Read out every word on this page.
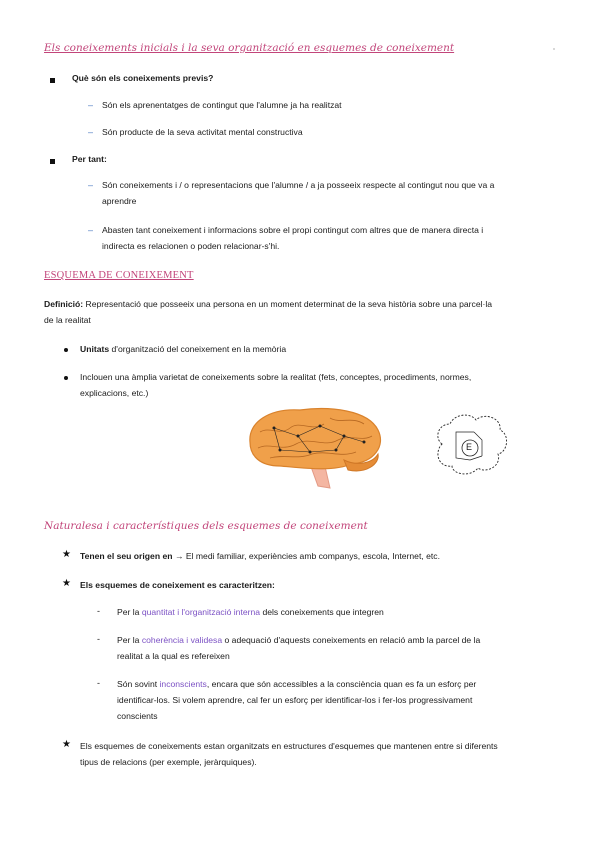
Els coneixements inicials i la seva organització en esquemes de coneixement
Què són els coneixements previs?
– Són els aprenentatges de contingut que l'alumne ja ha realitzat
– Són producte de la seva activitat mental constructiva
Per tant:
– Són coneixements i / o representacions que l'alumne / a ja posseeix respecte al contingut nou que va a
aprendre
– Abasten tant coneixement i informacions sobre el propi contingut com altres que de manera directa i
indirecta es relacionen o poden relacionar-s'hi.
ESQUEMA DE CONEIXEMENT
Definició: Representació que posseeix una persona en un moment determinat de la seva història sobre una parcel·la
de la realitat
Unitats d'organització del coneixement en la memòria
Inclouen una àmplia varietat de coneixements sobre la realitat (fets, conceptes, procediments, normes,
explicacions, etc.)
E
Naturalesa i característiques dels esquemes de coneixement
★ Tenen el seu origen en → El medi familiar, experiències amb companys, escola, Internet, etc.
★ Els esquemes de coneixement es caracteritzen:
- Per la quantitat i l'organització interna dels coneixements que integren
- Per la coherència i validesa o adequació d'aquests coneixements en relació amb la parcel de la
realitat a la qual es refereixen
- Són sovint inconscients, encara que són accessibles a la consciència quan es fa un esforç per
identificar-los. Si volem aprendre, cal fer un esforç per identificar-los i fer-los progressivament
conscients
★ Els esquemes de coneixements estan organitzats en estructures d'esquemes que mantenen entre si diferents
tipus de relacions (per exemple, jeràrquiques).
